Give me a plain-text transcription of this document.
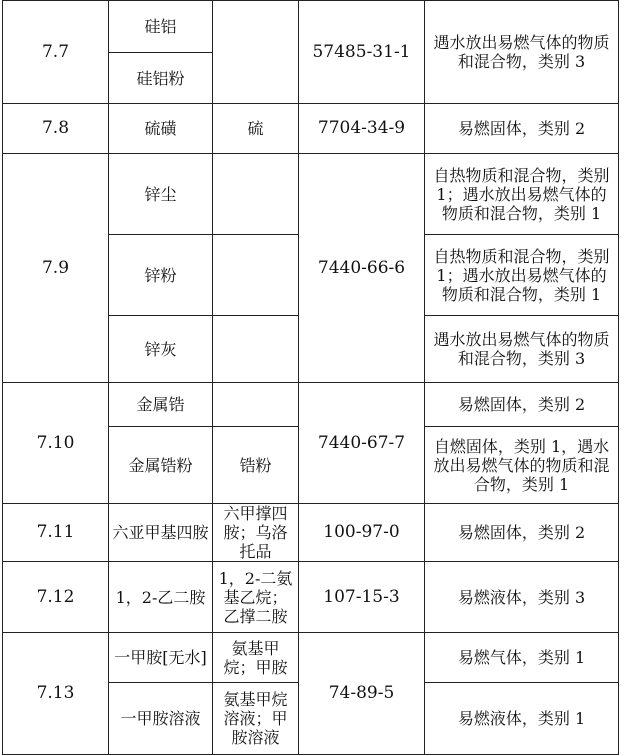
7.7	硅铝		57485-31-1	遇水放出易燃气体的物质和混合物，类别 3
	硅铝粉			
7.8	硫磺	硫	7704-34-9	易燃固体，类别 2
7.9	锌尘		7440-66-6	自热物质和混合物，类别 1；遇水放出易燃气体的物质和混合物，类别 1
	锌粉			自热物质和混合物，类别 1；遇水放出易燃气体的物质和混合物，类别 1
	锌灰			遇水放出易燃气体的物质和混合物，类别 3
7.10	金属锆		7440-67-7	易燃固体，类别 2
	金属锆粉	锆粉		自燃固体，类别 1，遇水放出易燃气体的物质和混合物，类别 1
7.11	六亚甲基四胺	六甲撑四胺；乌洛托品	100-97-0	易燃固体，类别 2
7.12	1，2-乙二胺	1，2-二氨基乙烷；乙撑二胺	107-15-3	易燃液体，类别 3
7.13	一甲胺[无水]	氨基甲烷；甲胺	74-89-5	易燃气体，类别 1
	一甲胺溶液	氨基甲烷溶液；甲胺溶液		易燃液体，类别 1
